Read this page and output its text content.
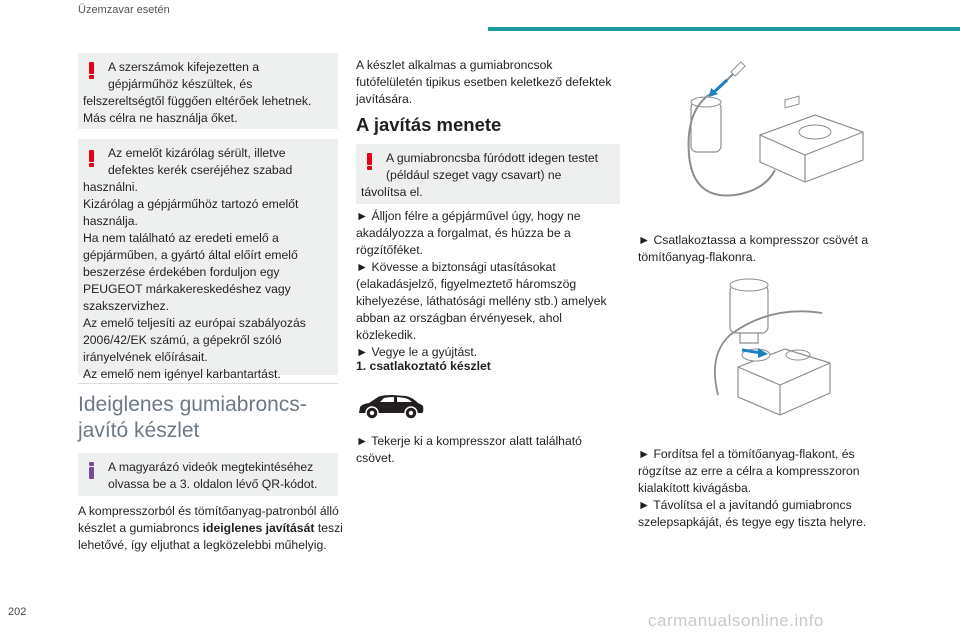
Üzemzavar esetén

A szerszámok kifejezetten a

gépjárműhöz készültek, és

felszereltségtől függően eltérőek lehetnek.

Más célra ne használja őket.

Az emelőt kizárólag sérült, illetve

defektes kerék cseréjéhez szabad

használni.

Kizárólag a gépjárműhöz tartozó emelőt

használja.

Ha nem található az eredeti emelő a

gépjárműben, a gyártó által előírt emelő

beszerzése érdekében forduljon egy

PEUGEOT márkakereskedéshez vagy

szakszervizhez.

Az emelő teljesíti az európai szabályozás

2006/42/EK számú, a gépekről szóló

irányelvének előírásait.

Az emelő nem igényel karbantartást.

Ideiglenes gumiabroncs-
javító készlet

A magyarázó videók megtekintéséhez

olvassa be a 3. oldalon lévő QR-kódot.

A kompresszorból és tömítőanyag-patronból álló
készlet a gumiabroncs ideiglenes javítását teszi
lehetővé, így eljuthat a legközelebbi műhelyig.
A készlet alkalmas a gumiabroncsok
futófelületén tipikus esetben keletkező defektek
javítására.
A javítás menete

A gumiabroncsba fúródott idegen testet

(például szeget vagy csavart) ne

távolítsa el.

► Álljon félre a gépjárművel úgy, hogy ne
akadályozza a forgalmat, és húzza be a
rögzítőféket.
► Kövesse a biztonsági utasításokat
(elakadásjelző, figyelmeztető háromszög
kihelyezése, láthatósági mellény stb.) amelyek
abban az országban érvényesek, ahol
közlekedik.
► Vegye le a gyújtást.
1. csatlakoztató készlet
► Tekerje ki a kompresszor alatt található
csövet.
► Csatlakoztassa a kompresszor csövét a
tömítőanyag-flakonra.
► Fordítsa fel a tömítőanyag-flakont, és
rögzítse az erre a célra a kompresszoron
kialakított kivágásba.
► Távolítsa el a javítandó gumiabroncs
szelepsapkáját, és tegye egy tiszta helyre.
202	carmanualsonline.info
